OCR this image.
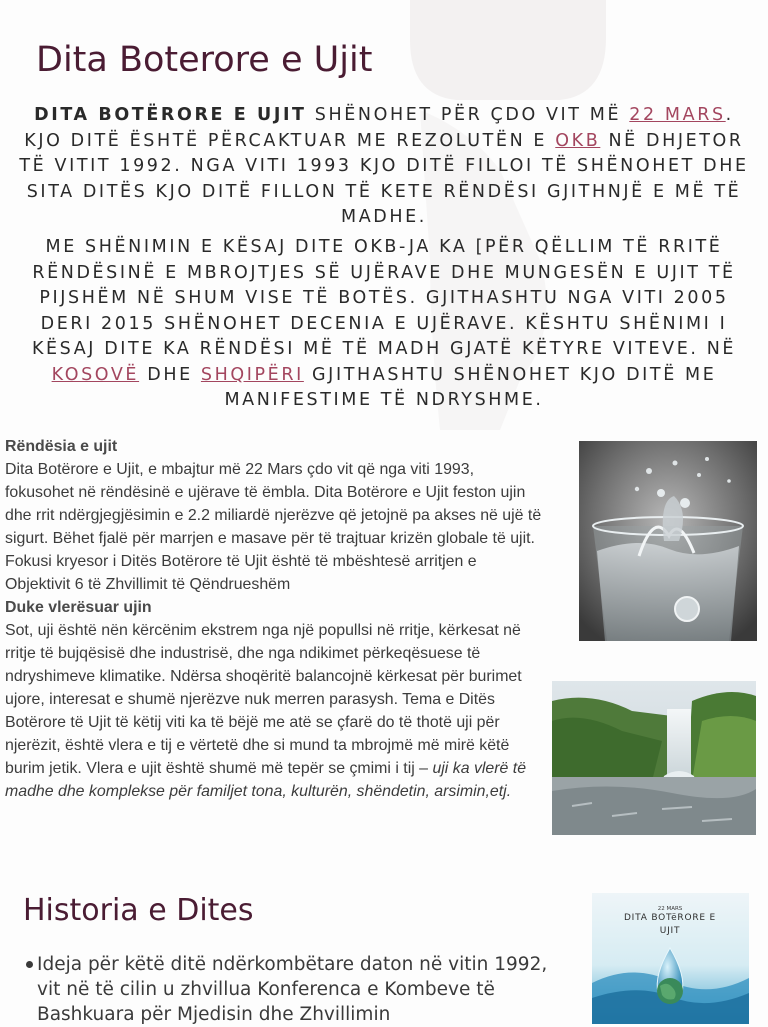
Dita Boterore e Ujit

DITA BOTËRORE E UJIT SHËNOHET PËR ÇDO VIT MË 22 MARS. KJO DITË ËSHTË PËRCAKTUAR ME REZOLUTËN E OKB NË DHJETOR TË VITIT 1992. NGA VITI 1993 KJO DITË FILLOI TË SHËNOHET DHE SITA DITËS KJO DITË FILLON TË KETE RËNDËSI GJITHNJË E MË TË MADHE.

ME SHËNIMIN E KËSAJ DITE OKB-JA KA [PËR QËLLIM TË RRITË RËNDËSINË E MBROJTJES SË UJËRAVE DHE MUNGESËN E UJIT TË PIJSHËM NË SHUM VISE TË BOTËS. GJITHASHTU NGA VITI 2005 DERI 2015 SHËNOHET DECENIA E UJËRAVE. KËSHTU SHËNIMI I KËSAJ DITE KA RËNDËSI MË TË MADH GJATË KËTYRE VITEVE. NË KOSOVË DHE SHQIPËRI GJITHASHTU SHËNOHET KJO DITË ME MANIFESTIME TË NDRYSHME.

Rëndësia e ujit

Dita Botërore e Ujit, e mbajtur më 22 Mars çdo vit që nga viti 1993, fokusohet në rëndësinë e ujërave të ëmbla. Dita Botërore e Ujit feston ujin dhe rrit ndërgjegjësimin e 2.2 miliardë njerëzve që jetojnë pa akses në ujë të sigurt. Bëhet fjalë për marrjen e masave për të trajtuar krizën globale të ujit. Fokusi kryesor i Ditës Botërore të Ujit është të mbështesë arritjen e Objektivit 6 të Zhvillimit të Qëndrueshëm

Duke vlerësuar ujin

Sot, uji është nën kërcënim ekstrem nga një popullsi në rritje, kërkesat në rritje të bujqësisë dhe industrisë, dhe nga ndikimet përkeqësuese të ndryshimeve klimatike. Ndërsa shoqëritë balancojnë kërkesat për burimet ujore, interesat e shumë njerëzve nuk merren parasysh. Tema e Ditës Botërore të Ujit të këtij viti ka të bëjë me atë se çfarë do të thotë uji për njerëzit, është vlera e tij e vërtetë dhe si mund ta mbrojmë më mirë këtë burim jetik. Vlera e ujit është shumë më tepër se çmimi i tij – uji ka vlerë të madhe dhe komplekse për familjet tona, kulturën, shëndetin, arsimin,etj.

Historia e Dites
Ideja për këtë ditë ndërkombëtare daton në vitin 1992, vit në të cilin u zhvillua Konferenca e Kombeve të Bashkuara për Mjedisin dhe Zhvillimin
22 MARS
DITA BOTëRORE E
UJIT
